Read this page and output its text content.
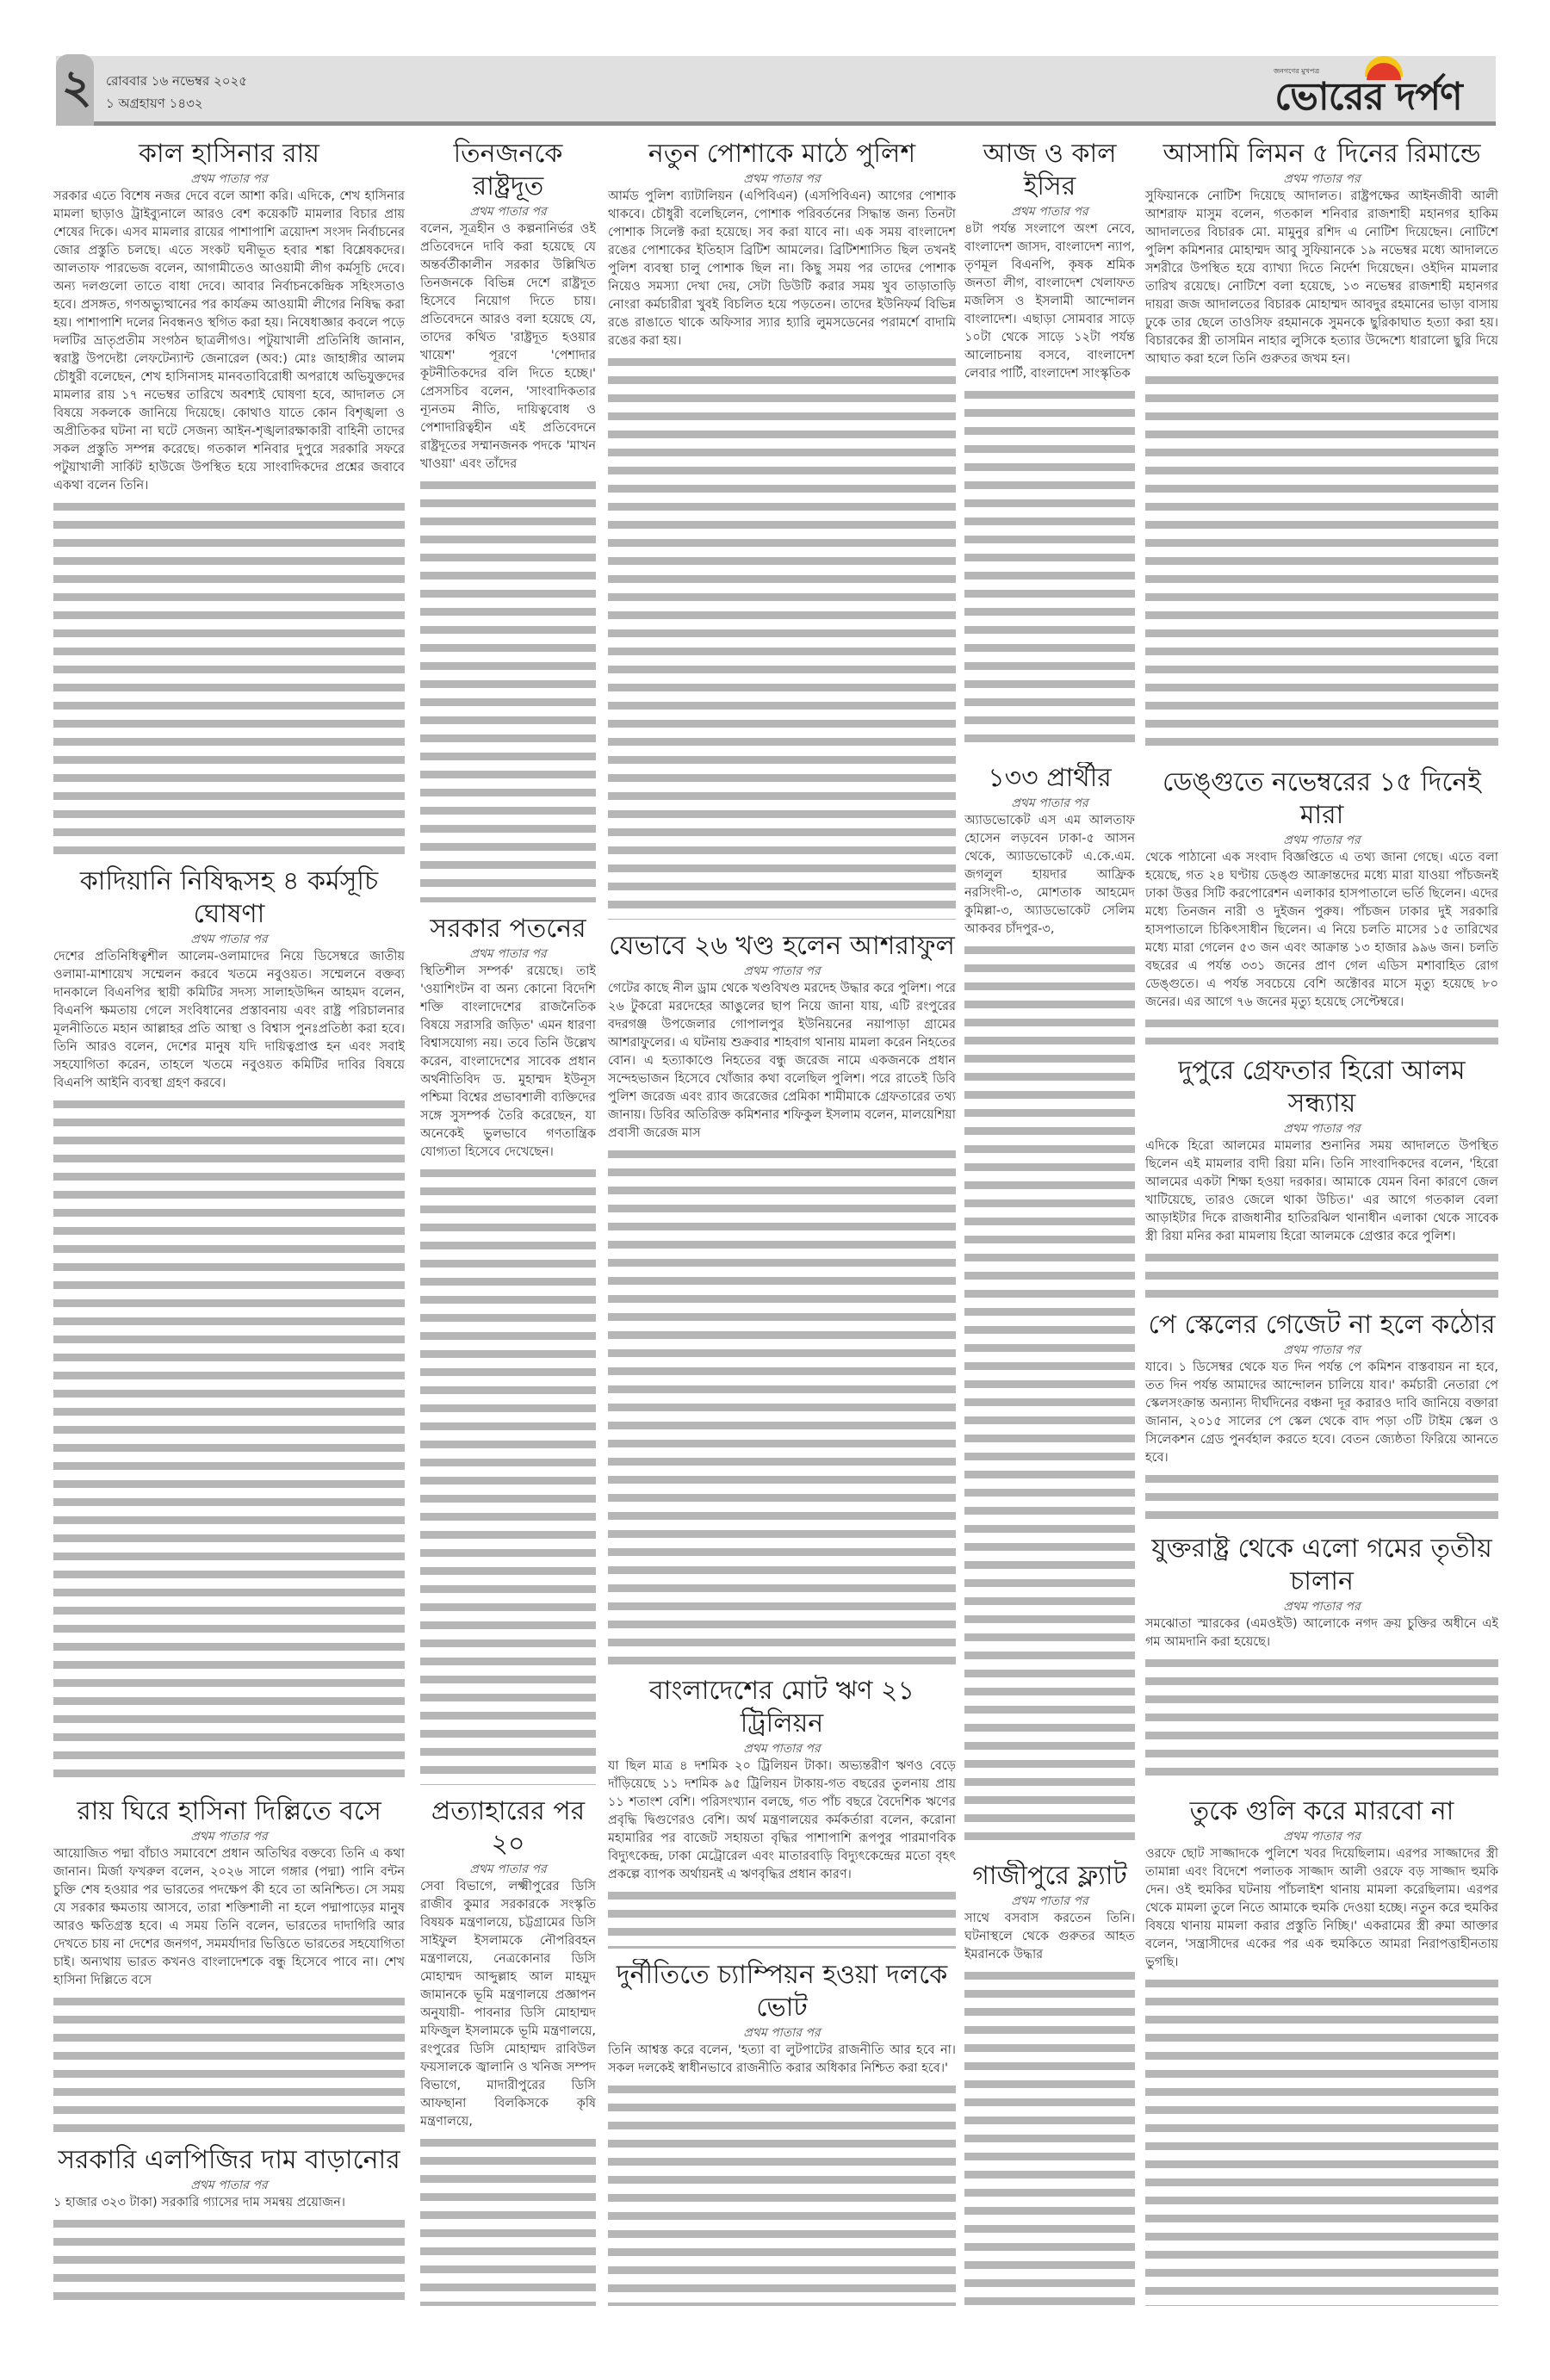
২ রোববার ১৬ নভেম্বর ২০২৫
১ অগ্রহায়ণ ১৪৩২
জনগণের মুখপত্র
ভোরের দর্পণ
কাল হাসিনার রায়
প্রথম পাতার পর
সরকার এতে বিশেষ নজর দেবে বলে আশা করি। এদিকে, শেখ হাসিনার মামলা ছাড়াও ট্রাইব্যুনালে আরও বেশ কয়েকটি মামলার বিচার প্রায় শেষের দিকে। এসব মামলার রায়ের পাশাপাশি ত্রয়োদশ সংসদ নির্বাচনের জোর প্রস্তুতি চলছে। এতে সংকট ঘনীভূত হবার শঙ্কা বিশ্লেষকদের। আলতাফ পারভেজ বলেন, আগামীতেও আওয়ামী লীগ কর্মসূচি দেবে। অন্য দলগুলো তাতে বাধা দেবে। আবার নির্বাচনকেন্দ্রিক সহিংসতাও হবে। প্রসঙ্গত, গণঅভ্যুত্থানের পর কার্যক্রম আওয়ামী লীগের নিষিদ্ধ করা হয়। পাশাপাশি দলের নিবন্ধনও স্থগিত করা হয়। নিষেধাজ্ঞার কবলে পড়ে দলটির ভ্রাতৃপ্রতীম সংগঠন ছাত্রলীগও। পটুয়াখালী প্রতিনিধি জানান, স্বরাষ্ট্র উপদেষ্টা লেফটেন্যান্ট জেনারেল (অব:) মোঃ জাহাঙ্গীর আলম চৌধুরী বলেছেন, শেখ হাসিনাসহ মানবতাবিরোধী অপরাধে অভিযুক্তদের মামলার রায় ১৭ নভেম্বর তারিখে অবশ্যই ঘোষণা হবে, আদালত সে বিষয়ে সকলকে জানিয়ে দিয়েছে। কোথাও যাতে কোন বিশৃঙ্খলা ও অপ্রীতিকর ঘটনা না ঘটে সেজন্য আইন-শৃঙ্খলারক্ষাকারী বাহিনী তাদের সকল প্রস্তুতি সম্পন্ন করেছে। গতকাল শনিবার দুপুরে সরকারি সফরে পটুয়াখালী সার্কিট হাউজে উপস্থিত হয়ে সাংবাদিকদের প্রশ্নের জবাবে একথা বলেন তিনি।
কাদিয়ানি নিষিদ্ধসহ ৪ কর্মসূচি ঘোষণা
প্রথম পাতার পর
দেশের প্রতিনিধিত্বশীল আলেম-ওলামাদের নিয়ে ডিসেম্বরে জাতীয় ওলামা-মাশায়েখ সম্মেলন করবে খতমে নবুওয়ত। সম্মেলনে বক্তব্য দানকালে বিএনপির স্থায়ী কমিটির সদস্য সালাহউদ্দিন আহমদ বলেন, বিএনপি ক্ষমতায় গেলে সংবিধানের প্রস্তাবনায় এবং রাষ্ট্র পরিচালনার মূলনীতিতে মহান আল্লাহর প্রতি আস্থা ও বিশ্বাস পুনঃপ্রতিষ্ঠা করা হবে। তিনি আরও বলেন, দেশের মানুষ যদি দায়িত্বপ্রাপ্ত হন এবং সবাই সহযোগিতা করেন, তাহলে খতমে নবুওয়ত কমিটির দাবির বিষয়ে বিএনপি আইনি ব্যবস্থা গ্রহণ করবে।
রায় ঘিরে হাসিনা দিল্লিতে বসে
প্রথম পাতার পর
আয়োজিত পদ্মা বাঁচাও সমাবেশে প্রধান অতিথির বক্তব্যে তিনি এ কথা জানান। মির্জা ফখরুল বলেন, ২০২৬ সালে গঙ্গার (পদ্মা) পানি বন্টন চুক্তি শেষ হওয়ার পর ভারতের পদক্ষেপ কী হবে তা অনিশ্চিত। সে সময় যে সরকার ক্ষমতায় আসবে, তারা শক্তিশালী না হলে পদ্মাপাড়ের মানুষ আরও ক্ষতিগ্রস্ত হবে। এ সময় তিনি বলেন, ভারতের দাদাগিরি আর দেখতে চায় না দেশের জনগণ, সমমর্যাদার ভিত্তিতে ভারতের সহযোগিতা চাই। অন্যথায় ভারত কখনও বাংলাদেশকে বন্ধু হিসেবে পাবে না। শেখ হাসিনা দিল্লিতে বসে
সরকারি এলপিজির দাম বাড়ানোর
প্রথম পাতার পর
১ হাজার ৩২৩ টাকা) সরকারি গ্যাসের দাম সমন্বয় প্রয়োজন।
তিনজনকে রাষ্ট্রদূত
প্রথম পাতার পর
বলেন, সূত্রহীন ও কল্পনানির্ভর ওই প্রতিবেদনে দাবি করা হয়েছে যে অন্তর্বর্তীকালীন সরকার উল্লিখিত তিনজনকে বিভিন্ন দেশে রাষ্ট্রদূত হিসেবে নিয়োগ দিতে চায়। প্রতিবেদনে আরও বলা হয়েছে যে, তাদের কথিত 'রাষ্ট্রদূত হওয়ার খায়েশ' পূরণে 'পেশাদার কূটনীতিকদের বলি দিতে হচ্ছে।' প্রেসসচিব বলেন, 'সাংবাদিকতার ন্যূনতম নীতি, দায়িত্ববোধ ও পেশাদারিত্বহীন এই প্রতিবেদনে রাষ্ট্রদূতের সম্মানজনক পদকে 'মাখন খাওয়া' এবং তাঁদের
সরকার পতনের
প্রথম পাতার পর
স্থিতিশীল সম্পর্ক' রয়েছে। তাই 'ওয়াশিংটন বা অন্য কোনো বিদেশি শক্তি বাংলাদেশের রাজনৈতিক বিষয়ে সরাসরি জড়িত' এমন ধারণা বিশ্বাসযোগ্য নয়। তবে তিনি উল্লেখ করেন, বাংলাদেশের সাবেক প্রধান অর্থনীতিবিদ ড. মুহাম্মদ ইউনূস পশ্চিমা বিশ্বের প্রভাবশালী ব্যক্তিদের সঙ্গে সুসম্পর্ক তৈরি করেছেন, যা অনেকেই ভুলভাবে গণতান্ত্রিক যোগ্যতা হিসেবে দেখেছেন।
প্রত্যাহারের পর ২০
প্রথম পাতার পর
সেবা বিভাগে, লক্ষ্মীপুরের ডিসি রাজীব কুমার সরকারকে সংস্কৃতি বিষয়ক মন্ত্রণালয়ে, চট্টগ্রামের ডিসি সাইফুল ইসলামকে নৌপরিবহন মন্ত্রণালয়ে, নেত্রকোনার ডিসি মোহাম্মদ আব্দুল্লাহ আল মাহমুদ জামানকে ভূমি মন্ত্রণালয়ে প্রজ্ঞাপন অনুযায়ী- পাবনার ডিসি মোহাম্মদ মফিজুল ইসলামকে ভূমি মন্ত্রণালয়ে, রংপুরের ডিসি মোহাম্মদ রাবিউল ফয়সালকে জ্বালানি ও খনিজ সম্পদ বিভাগে, মাদারীপুরের ডিসি আফছানা বিলকিসকে কৃষি মন্ত্রণালয়ে,
নতুন পোশাকে মাঠে পুলিশ
প্রথম পাতার পর
আর্মড পুলিশ ব্যাটালিয়ন (এপিবিএন) (এসপিবিএন) আগের পোশাক থাকবে। চৌধুরী বলেছিলেন, পোশাক পরিবর্তনের সিদ্ধান্ত জন্য তিনটা পোশাক সিলেক্ট করা হয়েছে। সব করা যাবে না। এক সময় বাংলাদেশ রঙের পোশাকের ইতিহাস ব্রিটিশ আমলের। ব্রিটিশশাসিত ছিল তখনই পুলিশ ব্যবস্থা চালু পোশাক ছিল না। কিছু সময় পর তাদের পোশাক নিয়েও সমস্যা দেখা দেয়, সেটা ডিউটি করার সময় খুব তাড়াতাড়ি নোংরা কর্মচারীরা খুবই বিচলিত হয়ে পড়তেন। তাদের ইউনিফর্ম বিভিন্ন রঙে রাঙাতে থাকে অফিসার স্যার হ্যারি লুমসডেনের পরামর্শে বাদামি রঙের করা হয়।
যেভাবে ২৬ খণ্ড হলেন আশরাফুল
প্রথম পাতার পর
গেটের কাছে নীল ড্রাম থেকে খণ্ডবিখণ্ড মরদেহ উদ্ধার করে পুলিশ। পরে ২৬ টুকরো মরদেহের আঙুলের ছাপ নিয়ে জানা যায়, এটি রংপুরের বদরগঞ্জ উপজেলার গোপালপুর ইউনিয়নের নয়াপাড়া গ্রামের আশরাফুলের। এ ঘটনায় শুক্রবার শাহবাগ থানায় মামলা করেন নিহতের বোন। এ হত্যাকাণ্ডে নিহতের বন্ধু জরেজ নামে একজনকে প্রধান সন্দেহভাজন হিসেবে খোঁজার কথা বলেছিল পুলিশ। পরে রাতেই ডিবি পুলিশ জরেজ এবং র‍্যাব জরেজের প্রেমিকা শামীমাকে গ্রেফতারের তথ্য জানায়। ডিবির অতিরিক্ত কমিশনার শফিকুল ইসলাম বলেন, মালয়েশিয়া প্রবাসী জরেজ মাস
বাংলাদেশের মোট ঋণ ২১ ট্রিলিয়ন
প্রথম পাতার পর
যা ছিল মাত্র ৪ দশমিক ২০ ট্রিলিয়ন টাকা। অভ্যন্তরীণ ঋণও বেড়ে দাঁড়িয়েছে ১১ দশমিক ৯৫ ট্রিলিয়ন টাকায়-গত বছরের তুলনায় প্রায় ১১ শতাংশ বেশি। পরিসংখ্যান বলছে, গত পাঁচ বছরে বৈদেশিক ঋণের প্রবৃদ্ধি দ্বিগুণেরও বেশি। অর্থ মন্ত্রণালয়ের কর্মকর্তারা বলেন, করোনা মহামারির পর বাজেট সহায়তা বৃদ্ধির পাশাপাশি রূপপুর পারমাণবিক বিদ্যুৎকেন্দ্র, ঢাকা মেট্রোরেল এবং মাতারবাড়ি বিদ্যুৎকেন্দ্রের মতো বৃহৎ প্রকল্পে ব্যাপক অর্থায়নই এ ঋণবৃদ্ধির প্রধান কারণ।
দুর্নীতিতে চ্যাম্পিয়ন হওয়া দলকে ভোট
প্রথম পাতার পর
তিনি আশ্বস্ত করে বলেন, 'হত্যা বা লুটপাটের রাজনীতি আর হবে না। সকল দলকেই স্বাধীনভাবে রাজনীতি করার অধিকার নিশ্চিত করা হবে।'
আজ ও কাল ইসির
প্রথম পাতার পর
৪টা পর্যন্ত সংলাপে অংশ নেবে, বাংলাদেশ জাসদ, বাংলাদেশ ন্যাপ, তৃণমূল বিএনপি, কৃষক শ্রমিক জনতা লীগ, বাংলাদেশ খেলাফত মজলিস ও ইসলামী আন্দোলন বাংলাদেশ। এছাড়া সোমবার সাড়ে ১০টা থেকে সাড়ে ১২টা পর্যন্ত আলোচনায় বসবে, বাংলাদেশ লেবার পার্টি, বাংলাদেশ সাংস্কৃতিক
১৩৩ প্রার্থীর
প্রথম পাতার পর
অ্যাডভোকেট এস এম আলতাফ হোসেন লড়বেন ঢাকা-৫ আসন থেকে, অ্যাডভোকেট এ.কে.এম. জগলুল হায়দার আফ্রিক নরসিংদী-৩, মোশতাক আহমেদ কুমিল্লা-৩, অ্যাডভোকেট সেলিম আকবর চাঁদপুর-৩,
গাজীপুরে ফ্ল্যাট
প্রথম পাতার পর
সাথে বসবাস করতেন তিনি। ঘটনাস্থলে থেকে গুরুতর আহত ইমরানকে উদ্ধার
আসামি লিমন ৫ দিনের রিমান্ডে
প্রথম পাতার পর
সুফিয়ানকে নোটিশ দিয়েছে আদালত। রাষ্ট্রপক্ষের আইনজীবী আলী আশরাফ মাসুম বলেন, গতকাল শনিবার রাজশাহী মহানগর হাকিম আদালতের বিচারক মো. মামুনুর রশিদ এ নোটিশ দিয়েছেন। নোটিশে পুলিশ কমিশনার মোহাম্মদ আবু সুফিয়ানকে ১৯ নভেম্বর মধ্যে আদালতে সশরীরে উপস্থিত হয়ে ব্যাখ্যা দিতে নির্দেশ দিয়েছেন। ওইদিন মামলার তারিখ রয়েছে। নোটিশে বলা হয়েছে, ১৩ নভেম্বর রাজশাহী মহানগর দায়রা জজ আদালতের বিচারক মোহাম্মদ আবদুর রহমানের ভাড়া বাসায় ঢুকে তার ছেলে তাওসিফ রহমানকে সুমনকে ছুরিকাঘাত হত্যা করা হয়। বিচারকের স্ত্রী তাসমিন নাহার লুসিকে হত্যার উদ্দেশ্যে ধারালো ছুরি দিয়ে আঘাত করা হলে তিনি গুরুতর জখম হন।
ডেঙ্গুতে নভেম্বরের ১৫ দিনেই মারা
প্রথম পাতার পর
থেকে পাঠানো এক সংবাদ বিজ্ঞপ্তিতে এ তথ্য জানা গেছে। এতে বলা হয়েছে, গত ২৪ ঘণ্টায় ডেঙ্গু আক্রান্তদের মধ্যে মারা যাওয়া পাঁচজনই ঢাকা উত্তর সিটি করপোরেশন এলাকার হাসপাতালে ভর্তি ছিলেন। এদের মধ্যে তিনজন নারী ও দুইজন পুরুষ। পাঁচজন ঢাকার দুই সরকারি হাসপাতালে চিকিৎসাধীন ছিলেন। এ নিয়ে চলতি মাসের ১৫ তারিখের মধ্যে মারা গেলেন ৫৩ জন এবং আক্রান্ত ১৩ হাজার ৯৯৬ জন। চলতি বছরের এ পর্যন্ত ৩৩১ জনের প্রাণ গেল এডিস মশাবাহিত রোগ ডেঙ্গুতে। এ পর্যন্ত সবচেয়ে বেশি অক্টোবর মাসে মৃত্যু হয়েছে ৮০ জনের। এর আগে ৭৬ জনের মৃত্যু হয়েছে সেপ্টেম্বরে।
দুপুরে গ্রেফতার হিরো আলম সন্ধ্যায়
প্রথম পাতার পর
এদিকে হিরো আলমের মামলার শুনানির সময় আদালতে উপস্থিত ছিলেন এই মামলার বাদী রিয়া মনি। তিনি সাংবাদিকদের বলেন, 'হিরো আলমের একটা শিক্ষা হওয়া দরকার। আমাকে যেমন বিনা কারণে জেল খাটিয়েছে, তারও জেলে থাকা উচিত।' এর আগে গতকাল বেলা আড়াইটার দিকে রাজধানীর হাতিরঝিল থানাধীন এলাকা থেকে সাবেক স্ত্রী রিয়া মনির করা মামলায় হিরো আলমকে গ্রেপ্তার করে পুলিশ।
পে স্কেলের গেজেট না হলে কঠোর
প্রথম পাতার পর
যাবে। ১ ডিসেম্বর থেকে যত দিন পর্যন্ত পে কমিশন বাস্তবায়ন না হবে, তত দিন পর্যন্ত আমাদের আন্দোলন চালিয়ে যাব।' কর্মচারী নেতারা পে স্কেলসংক্রান্ত অন্যান্য দীর্ঘদিনের বঞ্চনা দূর করারও দাবি জানিয়ে বক্তারা জানান, ২০১৫ সালের পে স্কেল থেকে বাদ পড়া ৩টি টাইম স্কেল ও সিলেকশন গ্রেড পুনর্বহাল করতে হবে। বেতন জ্যেষ্ঠতা ফিরিয়ে আনতে হবে।
যুক্তরাষ্ট্র থেকে এলো গমের তৃতীয় চালান
প্রথম পাতার পর
সমঝোতা স্মারকের (এমওইউ) আলোকে নগদ ক্রয় চুক্তির অধীনে এই গম আমদানি করা হয়েছে।
তুকে গুলি করে মারবো না
প্রথম পাতার পর
ওরফে ছোট সাজ্জাদকে পুলিশে খবর দিয়েছিলাম। এরপর সাজ্জাদের স্ত্রী তামান্না এবং বিদেশে পলাতক সাজ্জাদ আলী ওরফে বড় সাজ্জাদ হুমকি দেন। ওই হুমকির ঘটনায় পাঁচলাইশ থানায় মামলা করেছিলাম। এরপর থেকে মামলা তুলে নিতে আমাকে হুমকি দেওয়া হচ্ছে। নতুন করে হুমকির বিষয়ে থানায় মামলা করার প্রস্তুতি নিচ্ছি।' একরামের স্ত্রী রুমা আক্তার বলেন, 'সন্ত্রাসীদের একের পর এক হুমকিতে আমরা নিরাপত্তাহীনতায় ভুগছি।
